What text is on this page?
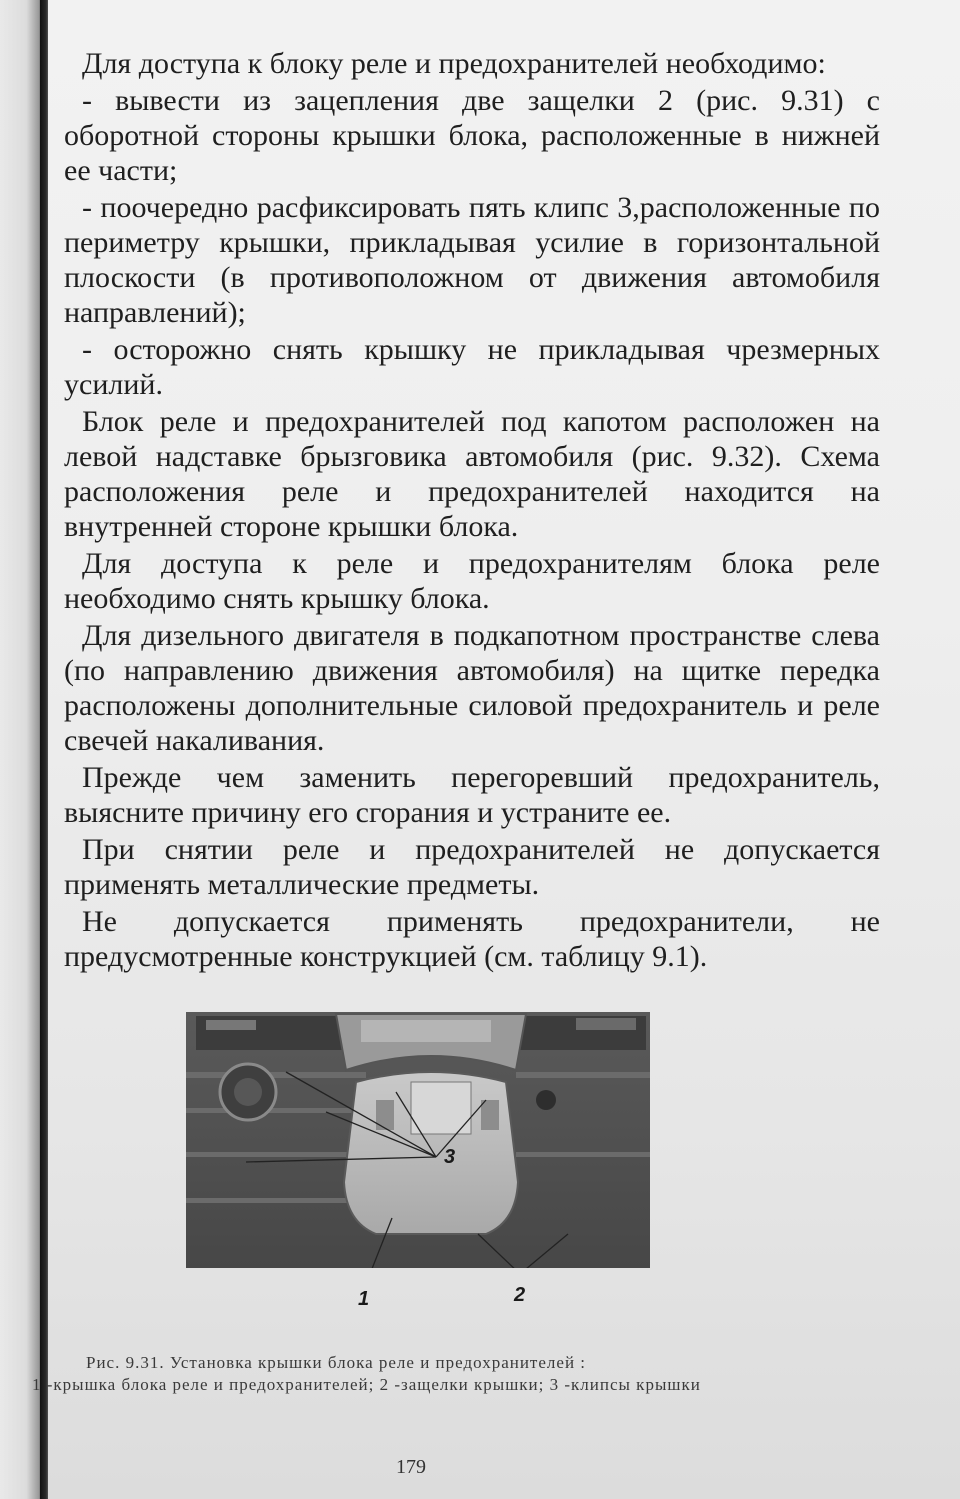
Для доступа к блоку реле и предохранителей необходимо:

- вывести из зацепления две защелки 2 (рис. 9.31) с оборотной стороны крышки блока, расположенные в нижней ее части;

- поочередно расфиксировать пять клипс 3,расположенные по периметру крышки, прикладывая усилие в горизонтальной плоскости (в противоположном от движения автомобиля направлений);

- осторожно снять крышку не прикладывая чрезмерных усилий.

Блок реле и предохранителей под капотом расположен на левой надставке брызговика автомобиля (рис. 9.32). Схема расположения реле и предохранителей находится на внутренней стороне крышки блока.

Для доступа к реле и предохранителям блока реле необходимо снять крышку блока.

Для дизельного двигателя в подкапотном пространстве слева (по направлению движения автомобиля) на щитке передка расположены дополнительные силовой предохранитель и реле свечей накаливания.

Прежде чем заменить перегоревший предохранитель, выясните причину его сгорания и устраните ее.

При снятии реле и предохранителей не допускается применять металлические предметы.

Не допускается применять предохранители, не предусмотренные конструкцией (см. таблицу 9.1).

3
1	2
Рис. 9.31. Установка крышки блока реле и предохранителей :
1 -крышка блока реле и предохранителей; 2 -защелки крышки; 3 -клипсы крышки
179
